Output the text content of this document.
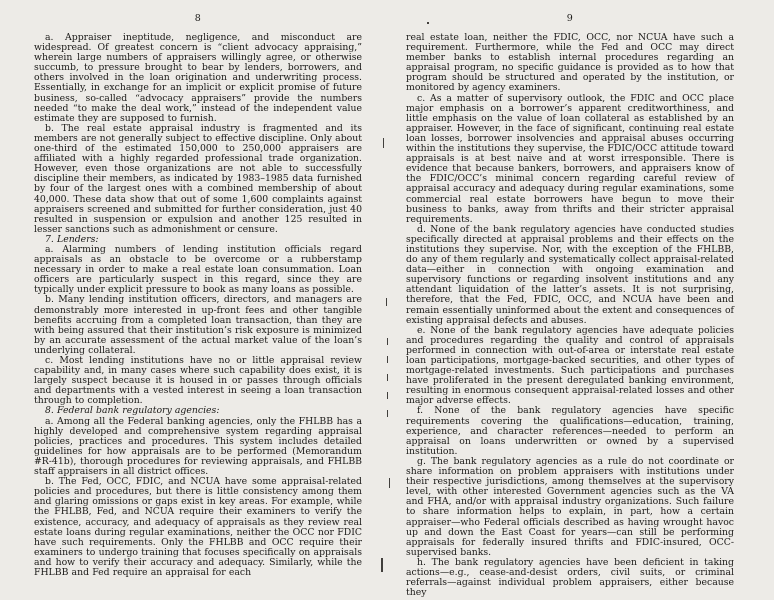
8

a. Appraiser ineptitude, negligence, and misconduct are widespread. Of greatest concern is “client advocacy appraising,” wherein large numbers of appraisers willingly agree, or otherwise succumb, to pressure brought to bear by lenders, borrowers, and others involved in the loan origination and underwriting process. Essentially, in exchange for an implicit or explicit promise of future business, so-called “advocacy appraisers” provide the numbers needed “to make the deal work,” instead of the independent value estimate they are supposed to furnish.

b. The real estate appraisal industry is fragmented and its members are not generally subject to effective discipline. Only about one-third of the estimated 150,000 to 250,000 appraisers are affiliated with a highly regarded professional trade organization. However, even those organizations are not able to successfully discipline their members, as indicated by 1983–1985 data furnished by four of the largest ones with a combined membership of about 40,000. These data show that out of some 1,600 complaints against appraisers screened and submitted for further consideration, just 40 resulted in suspension or expulsion and another 125 resulted in lesser sanctions such as admonishment or censure.

7. Lenders:

a. Alarming numbers of lending institution officials regard appraisals as an obstacle to be overcome or a rubberstamp necessary in order to make a real estate loan consummation. Loan officers are particularly suspect in this regard, since they are typically under explicit pressure to book as many loans as possible.

b. Many lending institution officers, directors, and managers are demonstrably more interested in up-front fees and other tangible benefits accruing from a completed loan transaction, than they are with being assured that their institution’s risk exposure is minimized by an accurate assessment of the actual market value of the loan’s underlying collateral.

c. Most lending institutions have no or little appraisal review capability and, in many cases where such capability does exist, it is largely suspect because it is housed in or passes through officials and departments with a vested interest in seeing a loan transaction through to completion.

8. Federal bank regulatory agencies:

a. Among all the Federal banking agencies, only the FHLBB has a highly developed and comprehensive system regarding appraisal policies, practices and procedures. This system includes detailed guidelines for how appraisals are to be performed (Memorandum #R-41b), thorough procedures for reviewing appraisals, and FHLBB staff appraisers in all district offices.

b. The Fed, OCC, FDIC, and NCUA have some appraisal-related policies and procedures, but there is little consistency among them and glaring omissions or gaps exist in key areas. For example, while the FHLBB, Fed, and NCUA require their examiners to verify the existence, accuracy, and adequacy of appraisals as they review real estate loans during regular examinations, neither the OCC nor FDIC have such requirements. Only the FHLBB and OCC require their examiners to undergo training that focuses specifically on appraisals and how to verify their accuracy and adequacy. Similarly, while the FHLBB and Fed require an appraisal for each

9

real estate loan, neither the FDIC, OCC, nor NCUA have such a requirement. Furthermore, while the Fed and OCC may direct member banks to establish internal procedures regarding an appraisal program, no specific guidance is provided as to how that program should be structured and operated by the institution, or monitored by agency examiners.

c. As a matter of supervisory outlook, the FDIC and OCC place major emphasis on a borrower’s apparent creditworthiness, and little emphasis on the value of loan collateral as established by an appraiser. However, in the face of significant, continuing real estate loan losses, borrower insolvencies and appraisal abuses occurring within the institutions they supervise, the FDIC/OCC attitude toward appraisals is at best naive and at worst irresponsible. There is evidence that because bankers, borrowers, and appraisers know of the FDIC/OCC’s minimal concern regarding careful review of appraisal accuracy and adequacy during regular examinations, some commercial real estate borrowers have begun to move their business to banks, away from thrifts and their stricter appraisal requirements.

d. None of the bank regulatory agencies have conducted studies specifically directed at appraisal problems and their effects on the institutions they supervise. Nor, with the exception of the FHLBB, do any of them regularly and systematically collect appraisal-related data—either in connection with ongoing examination and supervisory functions or regarding insolvent institutions and any attendant liquidation of the latter’s assets. It is not surprising, therefore, that the Fed, FDIC, OCC, and NCUA have been and remain essentially uninformed about the extent and consequences of existing appraisal defects and abuses.

e. None of the bank regulatory agencies have adequate policies and procedures regarding the quality and control of appraisals performed in connection with out-of-area or interstate real estate loan participations, mortgage-backed securities, and other types of mortgage-related investments. Such participations and purchases have proliferated in the present deregulated banking environment, resulting in enormous consequent appraisal-related losses and other major adverse effects.

f. None of the bank regulatory agencies have specific requirements covering the qualifications—education, training, experience, and character references—needed to perform an appraisal on loans underwritten or owned by a supervised institution.

g. The bank regulatory agencies as a rule do not coordinate or share information on problem appraisers with institutions under their respective jurisdictions, among themselves at the supervisory level, with other interested Government agencies such as the VA and FHA, and/or with appraisal industry organizations. Such failure to share information helps to explain, in part, how a certain appraiser—who Federal officials described as having wrought havoc up and down the East Coast for years—can still be performing appraisals for federally insured thrifts and FDIC-insured, OCC-supervised banks.

h. The bank regulatory agencies have been deficient in taking actions—e.g., cease-and-desist orders, civil suits, or criminal referrals—against individual problem appraisers, either because they
